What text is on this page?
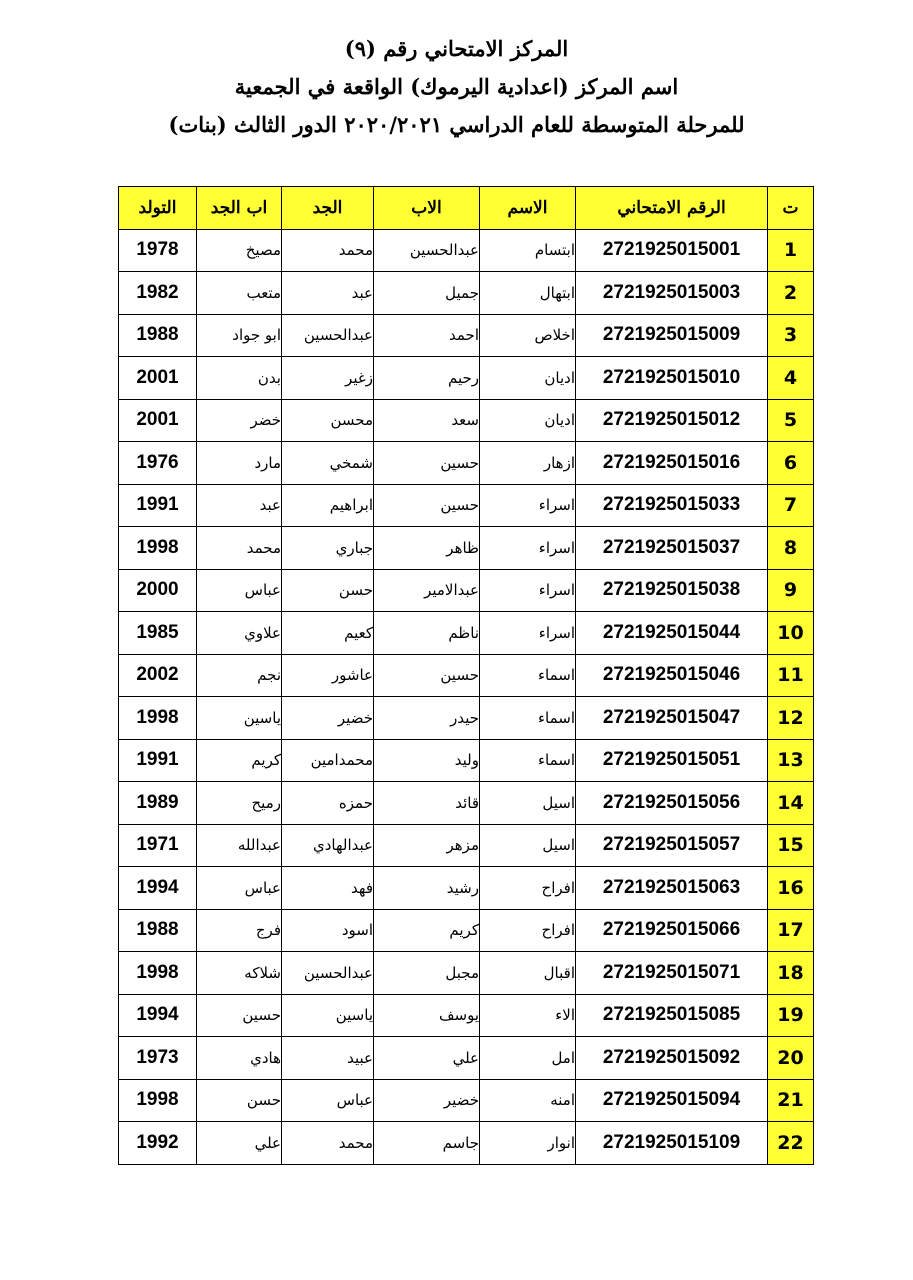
المركز الامتحاني رقم (٩)
اسم المركز (اعدادية اليرموك) الواقعة في الجمعية
للمرحلة المتوسطة للعام الدراسي ٢٠٢٠/٢٠٢١ الدور الثالث (بنات)
ت	الرقم الامتحاني	الاسم	الاب	الجد	اب الجد	التولد
1	2721925015001	ابتسام	عبدالحسين	محمد	مصيخ	1978
2	2721925015003	ابتهال	جميل	عبد	متعب	1982
3	2721925015009	اخلاص	احمد	عبدالحسين	ابو جواد	1988
4	2721925015010	اديان	رحيم	زغير	بدن	2001
5	2721925015012	اديان	سعد	محسن	خضر	2001
6	2721925015016	ازهار	حسين	شمخي	مارد	1976
7	2721925015033	اسراء	حسين	ابراهيم	عبد	1991
8	2721925015037	اسراء	ظاهر	جباري	محمد	1998
9	2721925015038	اسراء	عبدالامير	حسن	عباس	2000
10	2721925015044	اسراء	ناظم	كعيم	علاوي	1985
11	2721925015046	اسماء	حسين	عاشور	نجم	2002
12	2721925015047	اسماء	حيدر	خضير	ياسين	1998
13	2721925015051	اسماء	وليد	محمدامين	كريم	1991
14	2721925015056	اسيل	قائد	حمزه	رميح	1989
15	2721925015057	اسيل	مزهر	عبدالهادي	عبدالله	1971
16	2721925015063	افراح	رشيد	فهد	عباس	1994
17	2721925015066	افراح	كريم	اسود	فرج	1988
18	2721925015071	اقبال	مجبل	عبدالحسين	شلاكه	1998
19	2721925015085	الاء	يوسف	ياسين	حسين	1994
20	2721925015092	امل	علي	عبيد	هادي	1973
21	2721925015094	امنه	خضير	عباس	حسن	1998
22	2721925015109	انوار	جاسم	محمد	علي	1992
